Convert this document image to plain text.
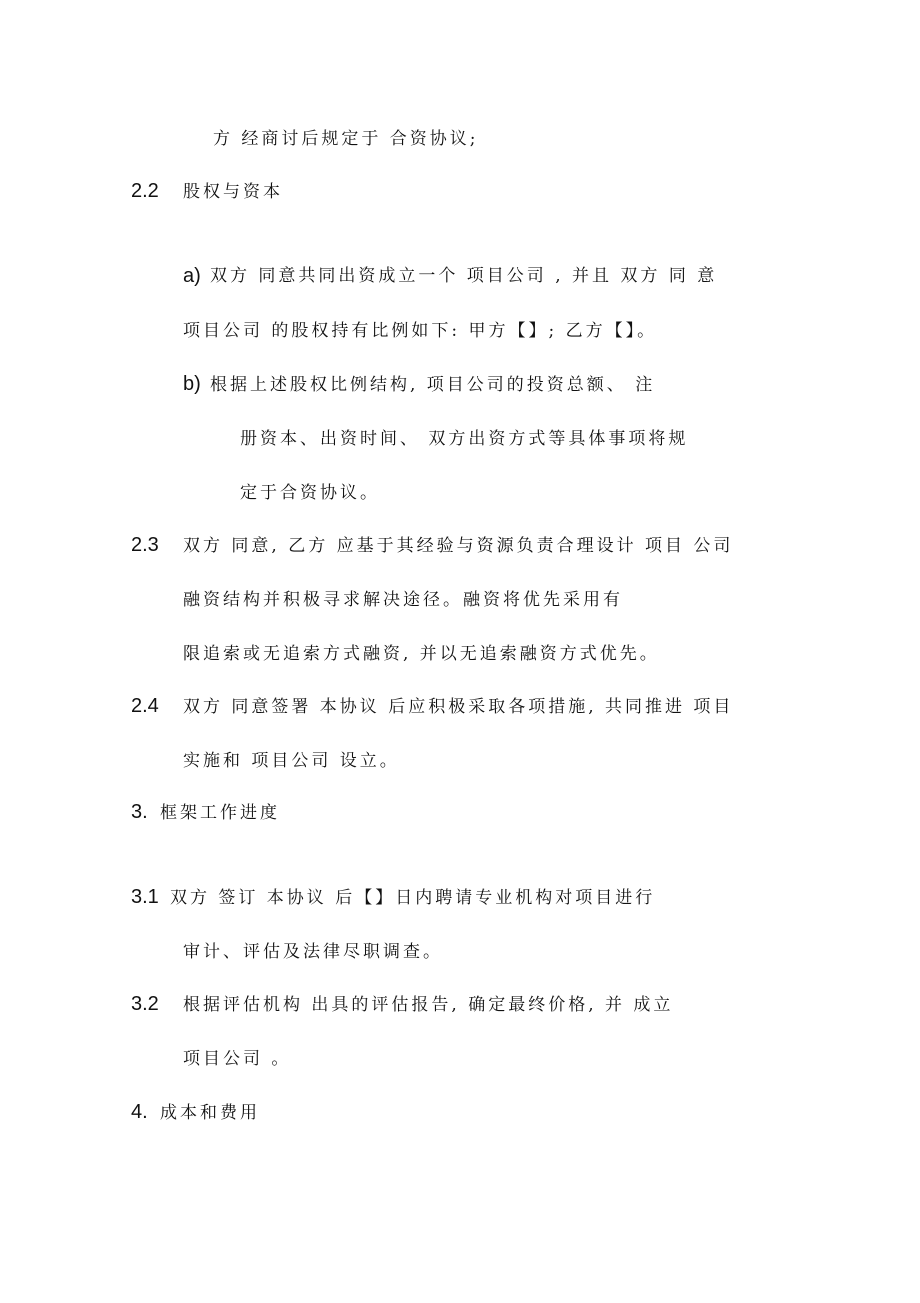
方 经商讨后规定于 合资协议;
2.2 股权与资本
a) 双方 同意共同出资成立一个 项目公司 , 并且 双方 同 意
项目公司 的股权持有比例如下: 甲方【】; 乙方【】。
b) 根据上述股权比例结构, 项目公司的投资总额、 注
册资本、出资时间、 双方出资方式等具体事项将规
定于合资协议。
2.3 双方 同意, 乙方 应基于其经验与资源负责合理设计 项目 公司
融资结构并积极寻求解决途径。融资将优先采用有
限追索或无追索方式融资, 并以无追索融资方式优先。
2.4 双方 同意签署 本协议 后应积极采取各项措施, 共同推进 项目
实施和 项目公司 设立。
3. 框架工作进度
3.1 双方 签订 本协议 后【】日内聘请专业机构对项目进行
审计、评估及法律尽职调查。
3.2 根据评估机构 出具的评估报告, 确定最终价格, 并 成立
项目公司 。
4. 成本和费用
